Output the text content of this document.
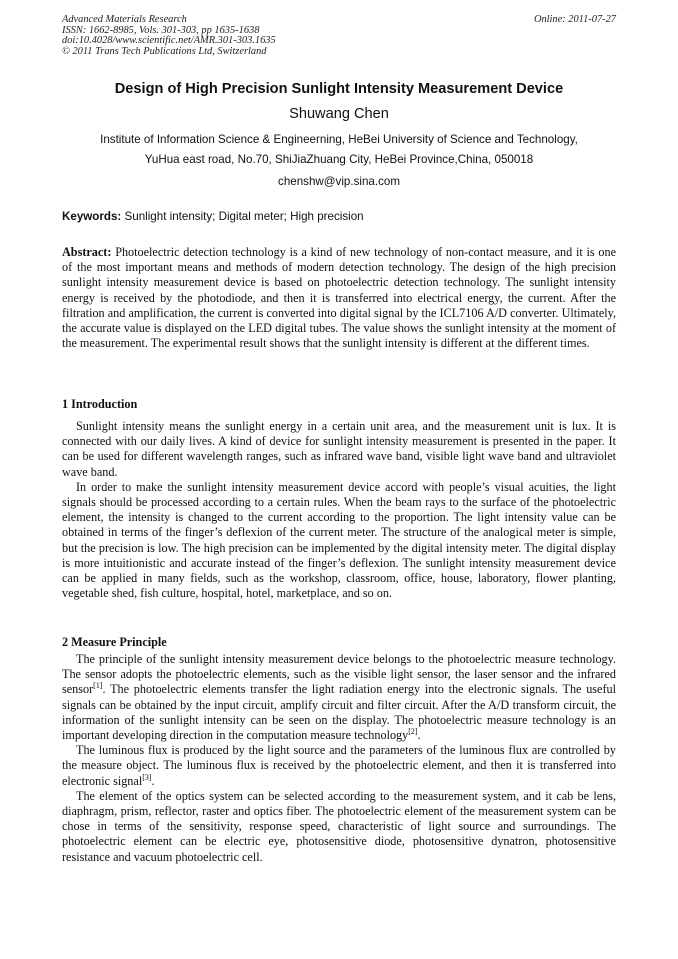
Advanced Materials Research
ISSN: 1662-8985, Vols. 301-303, pp 1635-1638
doi:10.4028/www.scientific.net/AMR.301-303.1635
© 2011 Trans Tech Publications Ltd, Switzerland
Online: 2011-07-27
Design of High Precision Sunlight Intensity Measurement Device
Shuwang Chen
Institute of Information Science & Engineerning, HeBei University of Science and Technology,
YuHua east road, No.70, ShiJiaZhuang City, HeBei Province,China, 050018
chenshw@vip.sina.com
Keywords: Sunlight intensity; Digital meter; High precision
Abstract: Photoelectric detection technology is a kind of new technology of non-contact measure, and it is one of the most important means and methods of modern detection technology. The design of the high precision sunlight intensity measurement device is based on photoelectric detection technology. The sunlight intensity energy is received by the photodiode, and then it is transferred into electrical energy, the current. After the filtration and amplification, the current is converted into digital signal by the ICL7106 A/D converter. Ultimately, the accurate value is displayed on the LED digital tubes. The value shows the sunlight intensity at the moment of the measurement. The experimental result shows that the sunlight intensity is different at the different times.
1 Introduction

Sunlight intensity means the sunlight energy in a certain unit area, and the measurement unit is lux. It is connected with our daily lives. A kind of device for sunlight intensity measurement is presented in the paper. It can be used for different wavelength ranges, such as infrared wave band, visible light wave band and ultraviolet wave band.

In order to make the sunlight intensity measurement device accord with people’s visual acuities, the light signals should be processed according to a certain rules. When the beam rays to the surface of the photoelectric element, the intensity is changed to the current according to the proportion. The light intensity value can be obtained in terms of the finger’s deflexion of the current meter. The structure of the analogical meter is simple, but the precision is low. The high precision can be implemented by the digital intensity meter. The digital display is more intuitionistic and accurate instead of the finger’s deflexion. The sunlight intensity measurement device can be applied in many fields, such as the workshop, classroom, office, house, laboratory, flower planting, vegetable shed, fish culture, hospital, hotel, marketplace, and so on.

2 Measure Principle

The principle of the sunlight intensity measurement device belongs to the photoelectric measure technology. The sensor adopts the photoelectric elements, such as the visible light sensor, the laser sensor and the infrared sensor[1]. The photoelectric elements transfer the light radiation energy into the electronic signals. The useful signals can be obtained by the input circuit, amplify circuit and filter circuit. After the A/D transform circuit, the information of the sunlight intensity can be seen on the display. The photoelectric measure technology is an important developing direction in the computation measure technology[2].

The luminous flux is produced by the light source and the parameters of the luminous flux are controlled by the measure object. The luminous flux is received by the photoelectric element, and then it is transferred into electronic signal[3].

The element of the optics system can be selected according to the measurement system, and it cab be lens, diaphragm, prism, reflector, raster and optics fiber. The photoelectric element of the measurement system can be chose in terms of the sensitivity, response speed, characteristic of light source and surroundings. The photoelectric element can be electric eye, photosensitive diode, photosensitive dynatron, photosensitive resistance and vacuum photoelectric cell.
